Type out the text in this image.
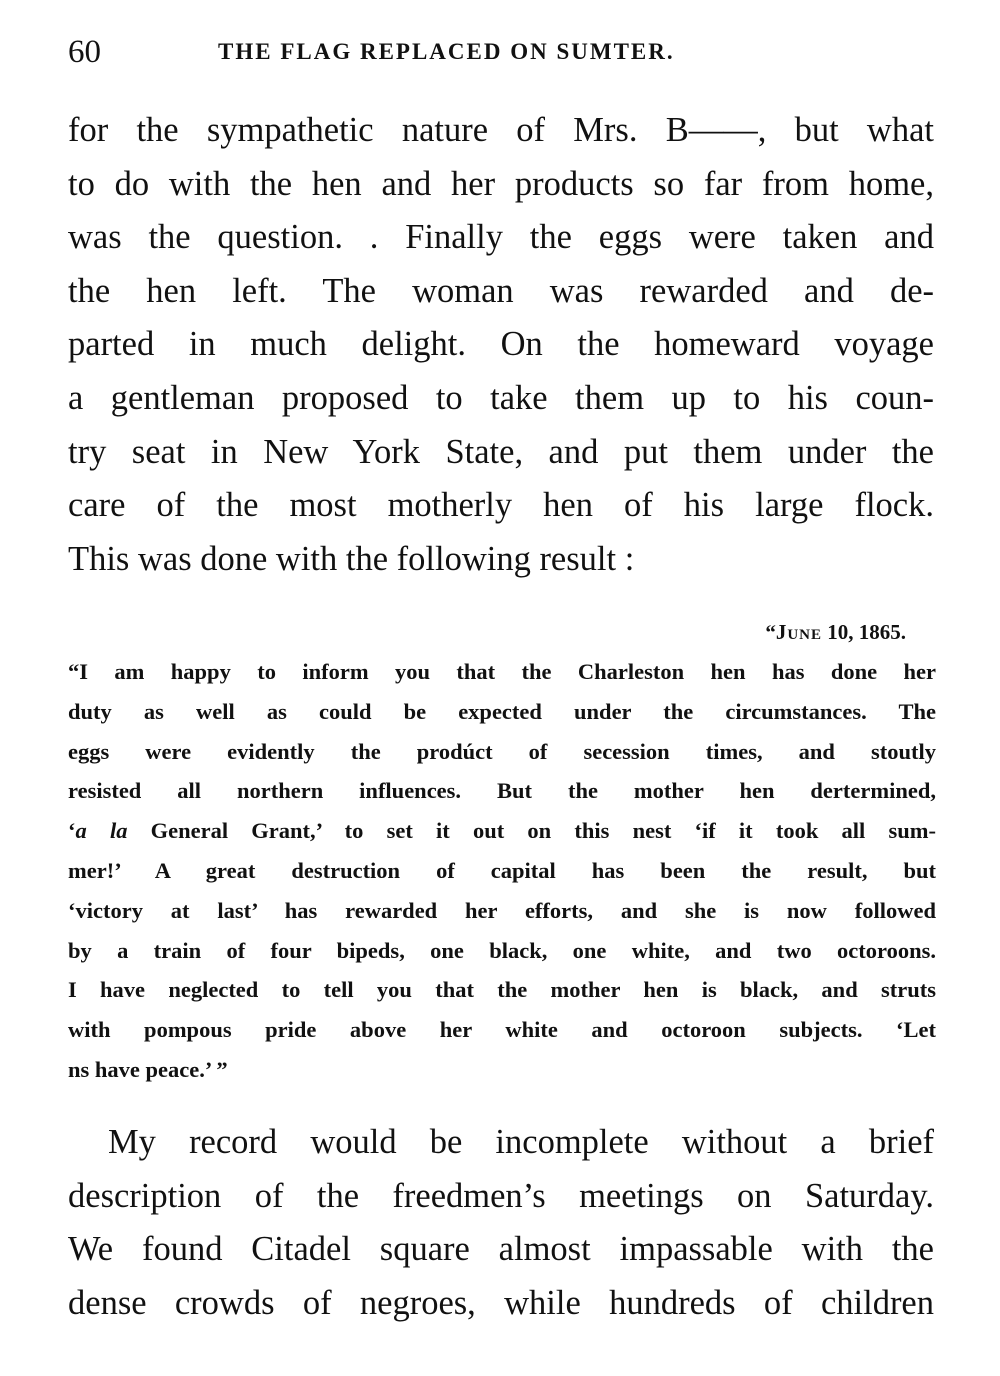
60	THE FLAG REPLACED ON SUMTER.
for the sympathetic nature of Mrs. B——, but what
to do with the hen and her products so far from home,
was the question. . Finally the eggs were taken and
the hen left. The woman was rewarded and de-
parted in much delight. On the homeward voyage
a gentleman proposed to take them up to his coun-
try seat in New York State, and put them under the
care of the most motherly hen of his large flock.
This was done with the following result :
“June 10, 1865.
“I am happy to inform you that the Charleston hen has done her
duty as well as could be expected under the circumstances. The
eggs were evidently the prodúct of secession times, and stoutly
resisted all northern influences. But the mother hen dertermined,
‘a la General Grant,’ to set it out on this nest ‘if it took all sum-
mer!’ A great destruction of capital has been the result, but
‘victory at last’ has rewarded her efforts, and she is now followed
by a train of four bipeds, one black, one white, and two octoroons.
I have neglected to tell you that the mother hen is black, and struts
with pompous pride above her white and octoroon subjects. ‘Let
ns have peace.’ ”
My record would be incomplete without a brief
description of the freedmen’s meetings on Saturday.
We found Citadel square almost impassable with the
dense crowds of negroes, while hundreds of children
